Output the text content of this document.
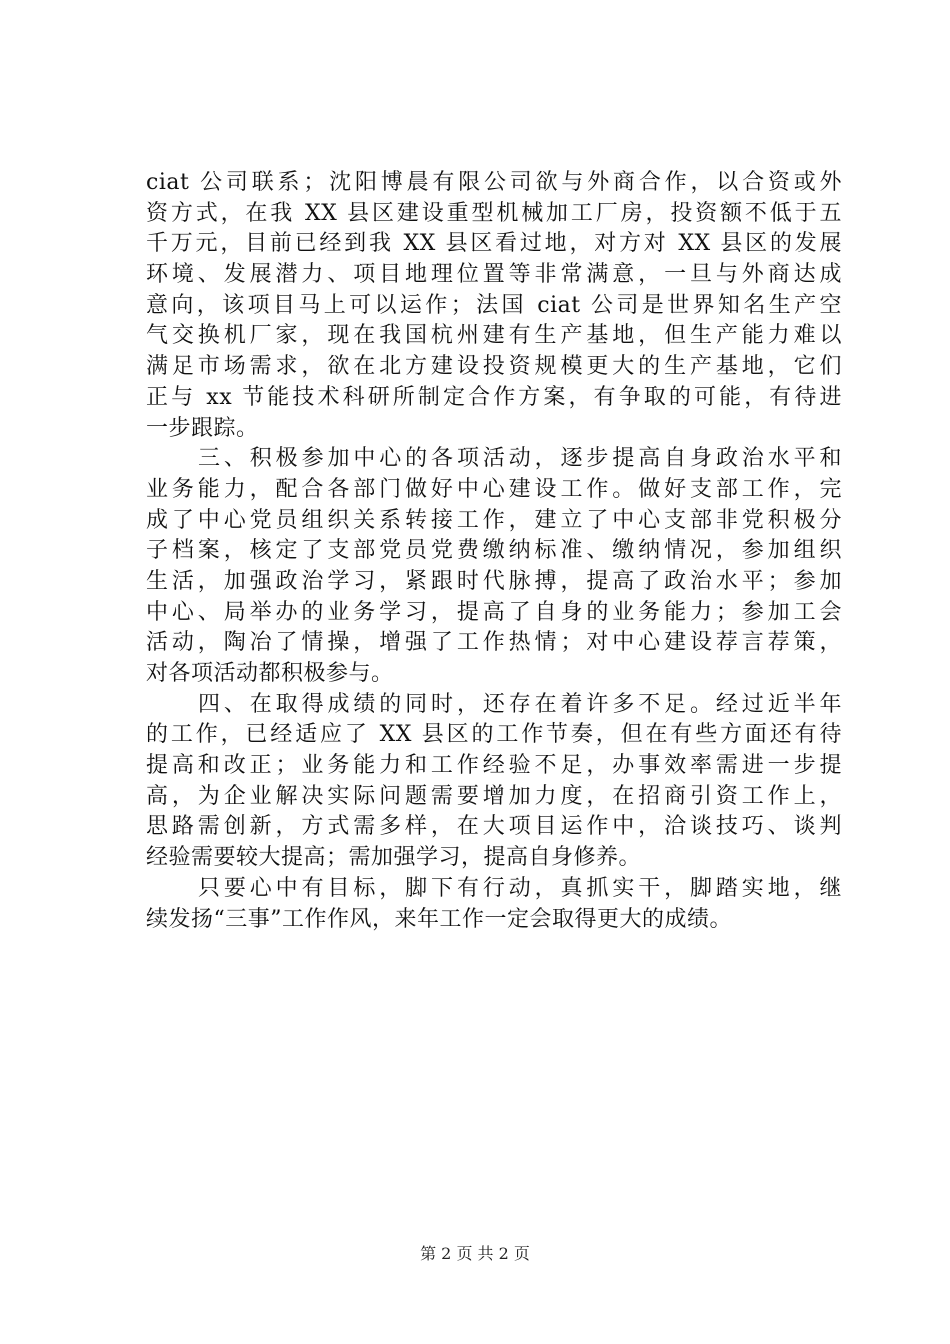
ciat 公司联系；沈阳博晨有限公司欲与外商合作，以合资或外
资方式，在我 XX 县区建设重型机械加工厂房，投资额不低于五
千万元，目前已经到我 XX 县区看过地，对方对 XX 县区的发展
环境、发展潜力、项目地理位置等非常满意，一旦与外商达成
意向，该项目马上可以运作；法国 ciat 公司是世界知名生产空
气交换机厂家，现在我国杭州建有生产基地，但生产能力难以
满足市场需求，欲在北方建设投资规模更大的生产基地，它们
正与 xx 节能技术科研所制定合作方案，有争取的可能，有待进
一步跟踪。
三、积极参加中心的各项活动，逐步提高自身政治水平和
业务能力，配合各部门做好中心建设工作。做好支部工作，完
成了中心党员组织关系转接工作，建立了中心支部非党积极分
子档案，核定了支部党员党费缴纳标准、缴纳情况，参加组织
生活，加强政治学习，紧跟时代脉搏，提高了政治水平；参加
中心、局举办的业务学习，提高了自身的业务能力；参加工会
活动，陶冶了情操，增强了工作热情；对中心建设荐言荐策，
对各项活动都积极参与。
四、在取得成绩的同时，还存在着许多不足。经过近半年
的工作，已经适应了 XX 县区的工作节奏，但在有些方面还有待
提高和改正；业务能力和工作经验不足，办事效率需进一步提
高，为企业解决实际问题需要增加力度，在招商引资工作上，
思路需创新，方式需多样，在大项目运作中，洽谈技巧、谈判
经验需要较大提高；需加强学习，提高自身修养。
只要心中有目标，脚下有行动，真抓实干，脚踏实地，继
续发扬“三事”工作作风，来年工作一定会取得更大的成绩。
第 2 页 共 2 页
